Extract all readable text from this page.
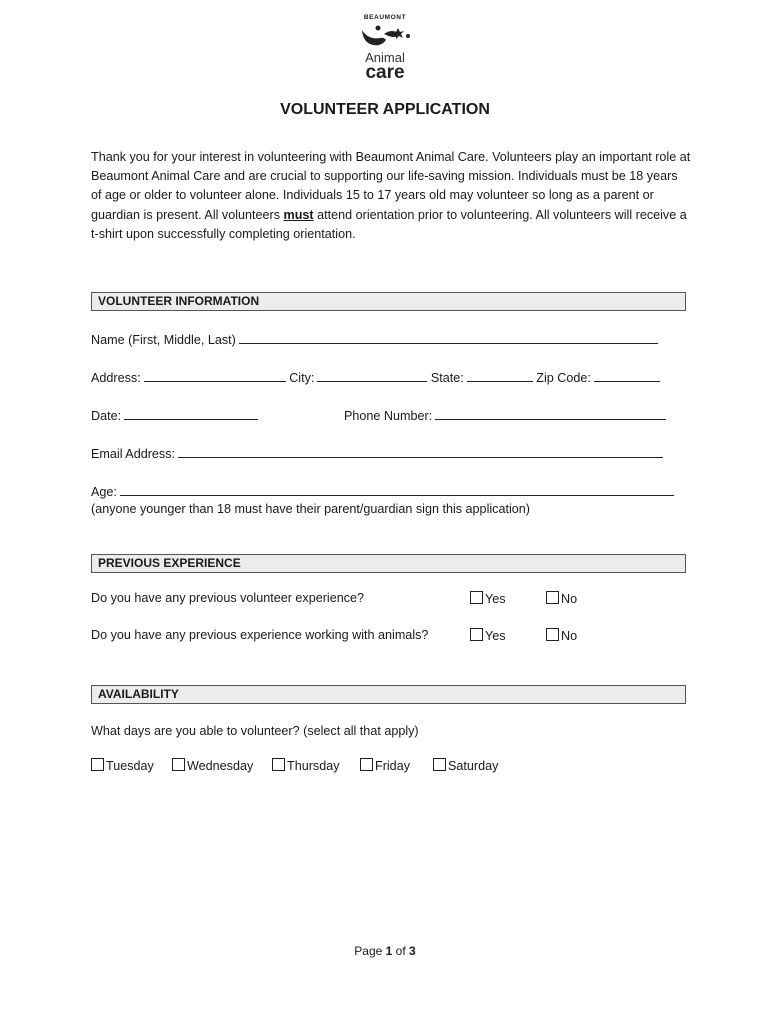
BEAUMONT
Animal
care
VOLUNTEER APPLICATION
Thank you for your interest in volunteering with Beaumont Animal Care. Volunteers play an important role at Beaumont Animal Care and are crucial to supporting our life-saving mission. Individuals must be 18 years of age or older to volunteer alone. Individuals 15 to 17 years old may volunteer so long as a parent or guardian is present. All volunteers must attend orientation prior to volunteering. All volunteers will receive a t-shirt upon successfully completing orientation.
VOLUNTEER INFORMATION
Name (First, Middle, Last)
Address:	City:	State:	Zip Code:
Date:	Phone Number:
Email Address:
Age:
(anyone younger than 18 must have their parent/guardian sign this application)
PREVIOUS EXPERIENCE
Do you have any previous volunteer experience?	Yes	No
Do you have any previous experience working with animals?	Yes	No
AVAILABILITY
What days are you able to volunteer? (select all that apply)
Tuesday	Wednesday	Thursday	Friday	Saturday
Page 1 of 3
